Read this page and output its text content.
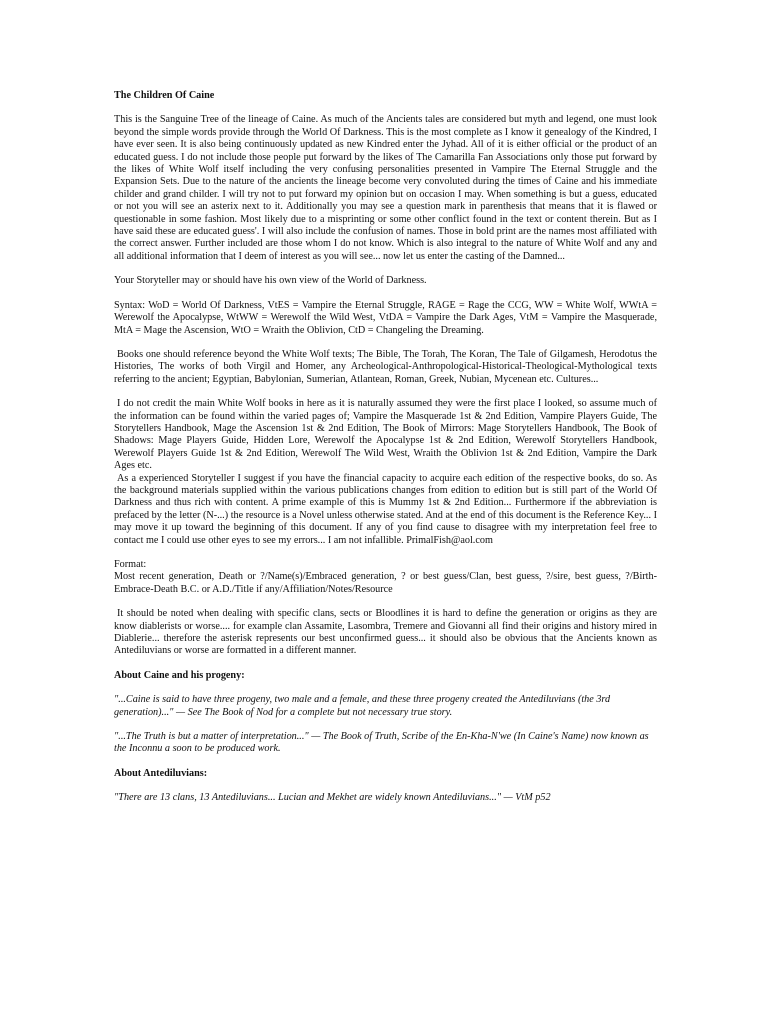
The Children Of Caine

This is the Sanguine Tree of the lineage of Caine. As much of the Ancients tales are considered but myth and legend, one must look beyond the simple words provide through the World Of Darkness. This is the most complete as I know it genealogy of the Kindred, I have ever seen. It is also being continuously updated as new Kindred enter the Jyhad. All of it is either official or the product of an educated guess. I do not include those people put forward by the likes of The Camarilla Fan Associations only those put forward by the likes of White Wolf itself including the very confusing personalities presented in Vampire The Eternal Struggle and the Expansion Sets. Due to the nature of the ancients the lineage become very convoluted during the times of Caine and his immediate childer and grand childer. I will try not to put forward my opinion but on occasion I may. When something is but a guess, educated or not you will see an asterix next to it. Additionally you may see a question mark in parenthesis that means that it is flawed or questionable in some fashion. Most likely due to a misprinting or some other conflict found in the text or content therein. But as I have said these are educated guess'. I will also include the confusion of names. Those in bold print are the names most affiliated with the correct answer. Further included are those whom I do not know. Which is also integral to the nature of White Wolf and any and all additional information that I deem of interest as you will see... now let us enter the casting of the Damned...

Your Storyteller may or should have his own view of the World of Darkness.

Syntax: WoD = World Of Darkness, VtES = Vampire the Eternal Struggle, RAGE = Rage the CCG, WW = White Wolf, WWtA = Werewolf the Apocalypse, WtWW = Werewolf the Wild West, VtDA = Vampire the Dark Ages, VtM = Vampire the Masquerade, MtA = Mage the Ascension, WtO = Wraith the Oblivion, CtD = Changeling the Dreaming.

Books one should reference beyond the White Wolf texts; The Bible, The Torah, The Koran, The Tale of Gilgamesh, Herodotus the Histories, The works of both Virgil and Homer, any Archeological-Anthropological-Historical-Theological-Mythological texts referring to the ancient; Egyptian, Babylonian, Sumerian, Atlantean, Roman, Greek, Nubian, Mycenean etc. Cultures...

I do not credit the main White Wolf books in here as it is naturally assumed they were the first place I looked, so assume much of the information can be found within the varied pages of; Vampire the Masquerade 1st & 2nd Edition, Vampire Players Guide, The Storytellers Handbook, Mage the Ascension 1st & 2nd Edition, The Book of Mirrors: Mage Storytellers Handbook, The Book of Shadows: Mage Players Guide, Hidden Lore, Werewolf the Apocalypse 1st & 2nd Edition, Werewolf Storytellers Handbook, Werewolf Players Guide 1st & 2nd Edition, Werewolf The Wild West, Wraith the Oblivion 1st & 2nd Edition, Vampire the Dark Ages etc.

As a experienced Storyteller I suggest if you have the financial capacity to acquire each edition of the respective books, do so. As the background materials supplied within the various publications changes from edition to edition but is still part of the World Of Darkness and thus rich with content. A prime example of this is Mummy 1st & 2nd Edition... Furthermore if the abbreviation is prefaced by the letter (N-...) the resource is a Novel unless otherwise stated. And at the end of this document is the Reference Key... I may move it up toward the beginning of this document. If any of you find cause to disagree with my interpretation feel free to contact me I could use other eyes to see my errors... I am not infallible. PrimalFish@aol.com

Format:
Most recent generation, Death or ?/Name(s)/Embraced generation, ? or best guess/Clan, best guess, ?/sire, best guess, ?/Birth-Embrace-Death B.C. or A.D./Title if any/Affiliation/Notes/Resource

It should be noted when dealing with specific clans, sects or Bloodlines it is hard to define the generation or origins as they are know diablerists or worse.... for example clan Assamite, Lasombra, Tremere and Giovanni all find their origins and history mired in Diablerie... therefore the asterisk represents our best unconfirmed guess... it should also be obvious that the Ancients known as Antediluvians or worse are formatted in a different manner.

About Caine and his progeny:

"...Caine is said to have three progeny, two male and a female, and these three progeny created the Antediluvians (the 3rd generation)..." — See The Book of Nod for a complete but not necessary true story.

"...The Truth is but a matter of interpretation..." — The Book of Truth, Scribe of the En-Kha-N'we (In Caine's Name) now known as the Inconnu a soon to be produced work.

About Antediluvians:

"There are 13 clans, 13 Antediluvians... Lucian and Mekhet are widely known Antediluvians..." — VtM p52
